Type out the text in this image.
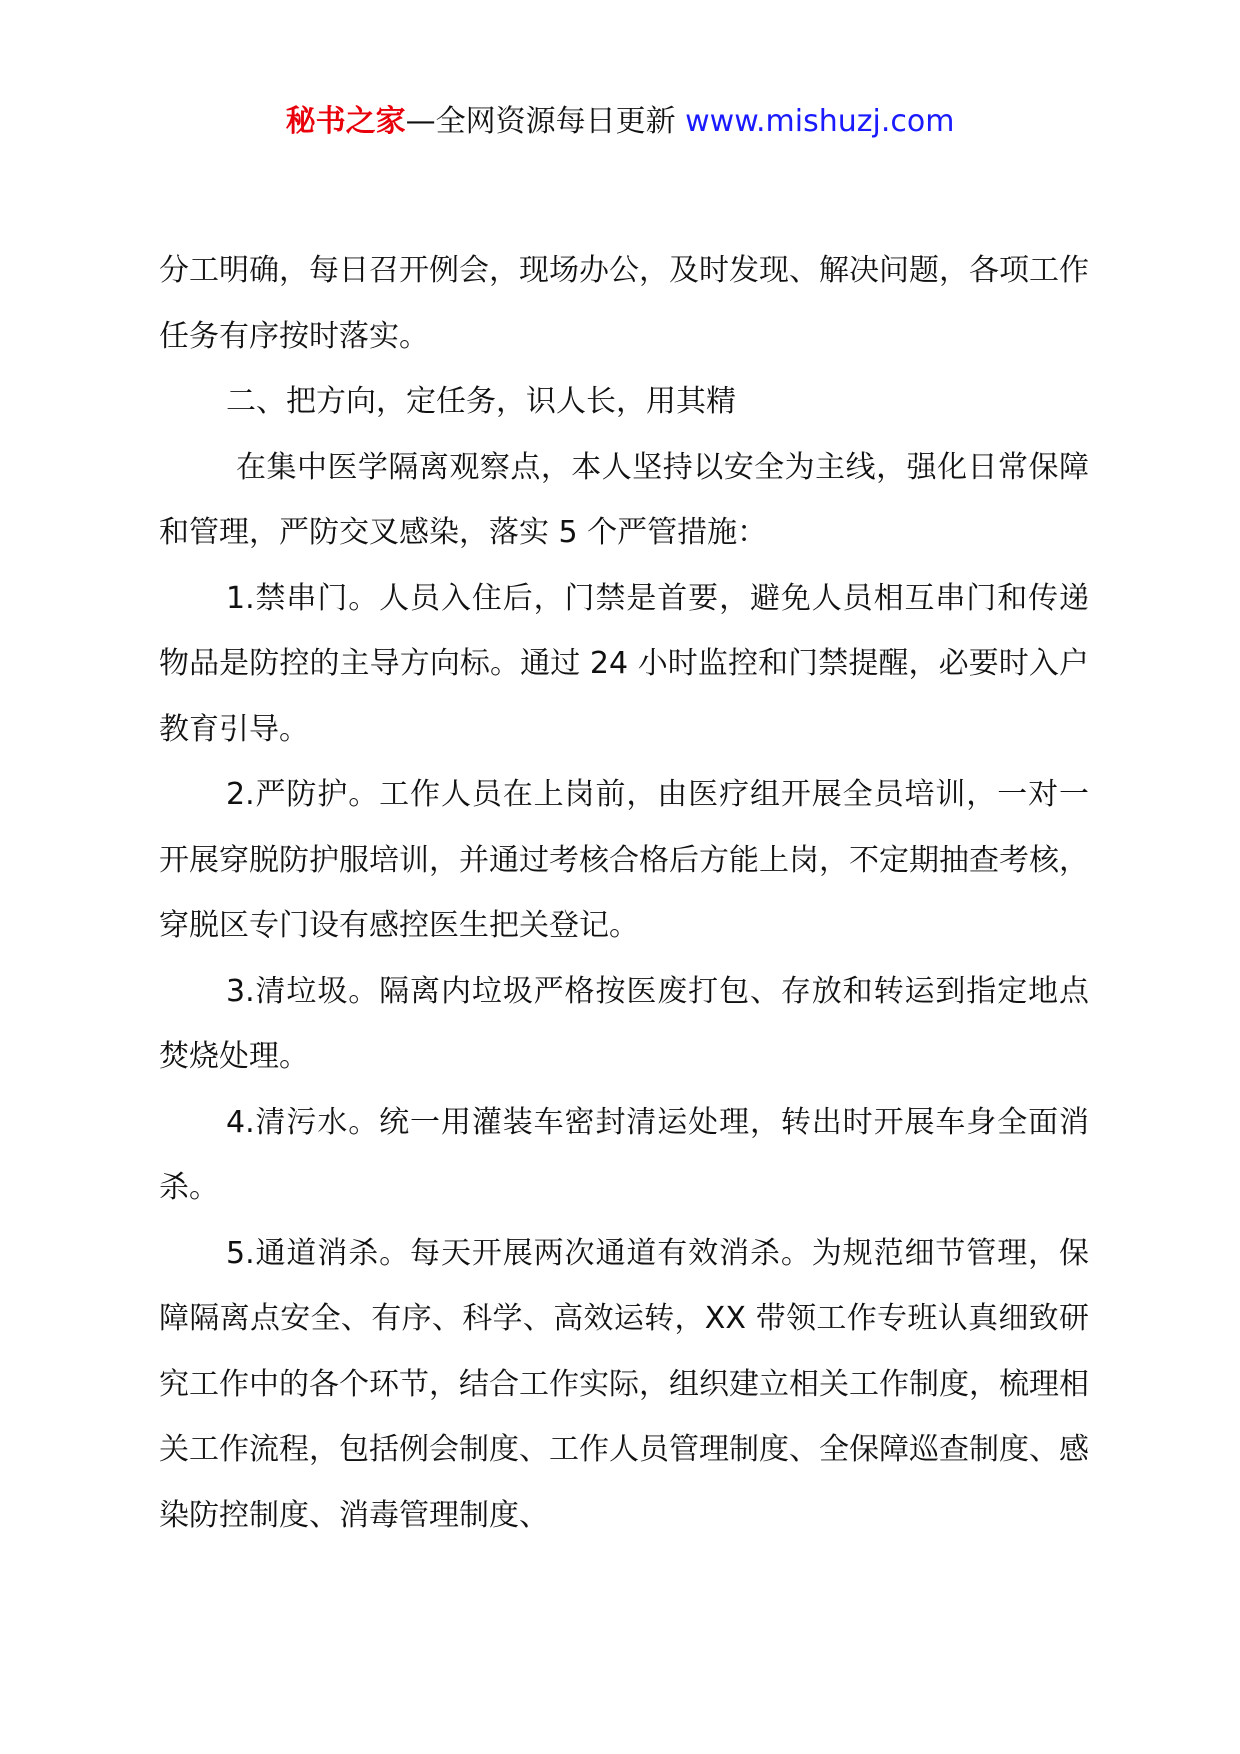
秘书之家—全网资源每日更新 www.mishuzj.com

分工明确，每日召开例会，现场办公，及时发现、解决问题，各项工作任务有序按时落实。

二、把方向，定任务，识人长，用其精

在集中医学隔离观察点，本人坚持以安全为主线，强化日常保障和管理，严防交叉感染，落实 5 个严管措施：

1.禁串门。人员入住后，门禁是首要，避免人员相互串门和传递物品是防控的主导方向标。通过 24 小时监控和门禁提醒，必要时入户教育引导。

2.严防护。工作人员在上岗前，由医疗组开展全员培训，一对一开展穿脱防护服培训，并通过考核合格后方能上岗，不定期抽查考核，穿脱区专门设有感控医生把关登记。

3.清垃圾。隔离内垃圾严格按医废打包、存放和转运到指定地点焚烧处理。

4.清污水。统一用灌装车密封清运处理，转出时开展车身全面消杀。

5.通道消杀。每天开展两次通道有效消杀。为规范细节管理，保障隔离点安全、有序、科学、高效运转，XX 带领工作专班认真细致研究工作中的各个环节，结合工作实际，组织建立相关工作制度，梳理相关工作流程，包括例会制度、工作人员管理制度、全保障巡查制度、感染防控制度、消毒管理制度、
